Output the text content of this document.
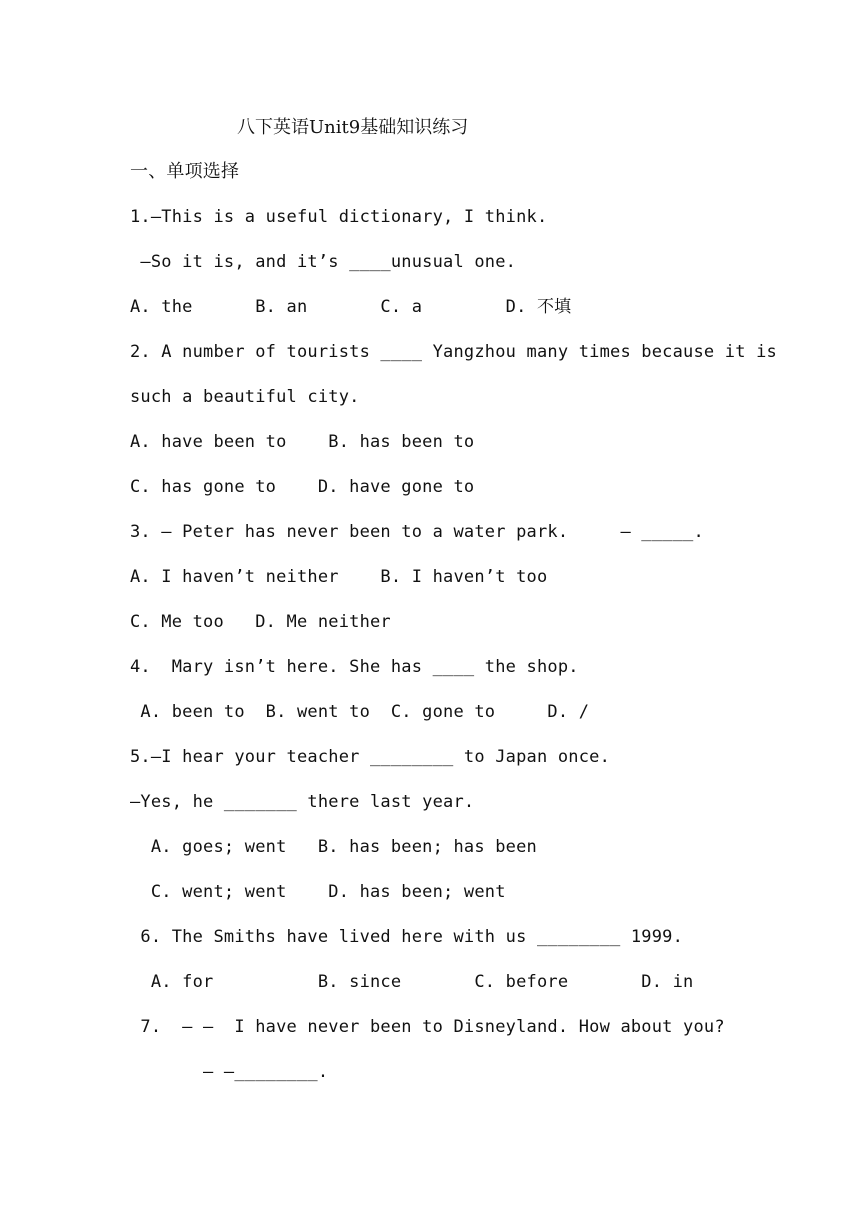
八下英语Unit9基础知识练习
一、单项选择
1.—This is a useful dictionary, I think.
—So it is, and it’s ____unusual one.
A. the      B. an       C. a        D. 不填
2. A number of tourists ____ Yangzhou many times because it is
such a beautiful city.
A. have been to    B. has been to
C. has gone to    D. have gone to
3. — Peter has never been to a water park.     — _____.
A. I haven’t neither    B. I haven’t too
C. Me too   D. Me neither
4.  Mary isn’t here. She has ____ the shop.
A. been to  B. went to  C. gone to     D. /
5.–I hear your teacher ________ to Japan once.
–Yes, he _______ there last year.
A. goes; went   B. has been; has been
C. went; went    D. has been; went
6. The Smiths have lived here with us ________ 1999.
A. for          B. since       C. before       D. in
7.  – –  I have never been to Disneyland. How about you?
– –________.
